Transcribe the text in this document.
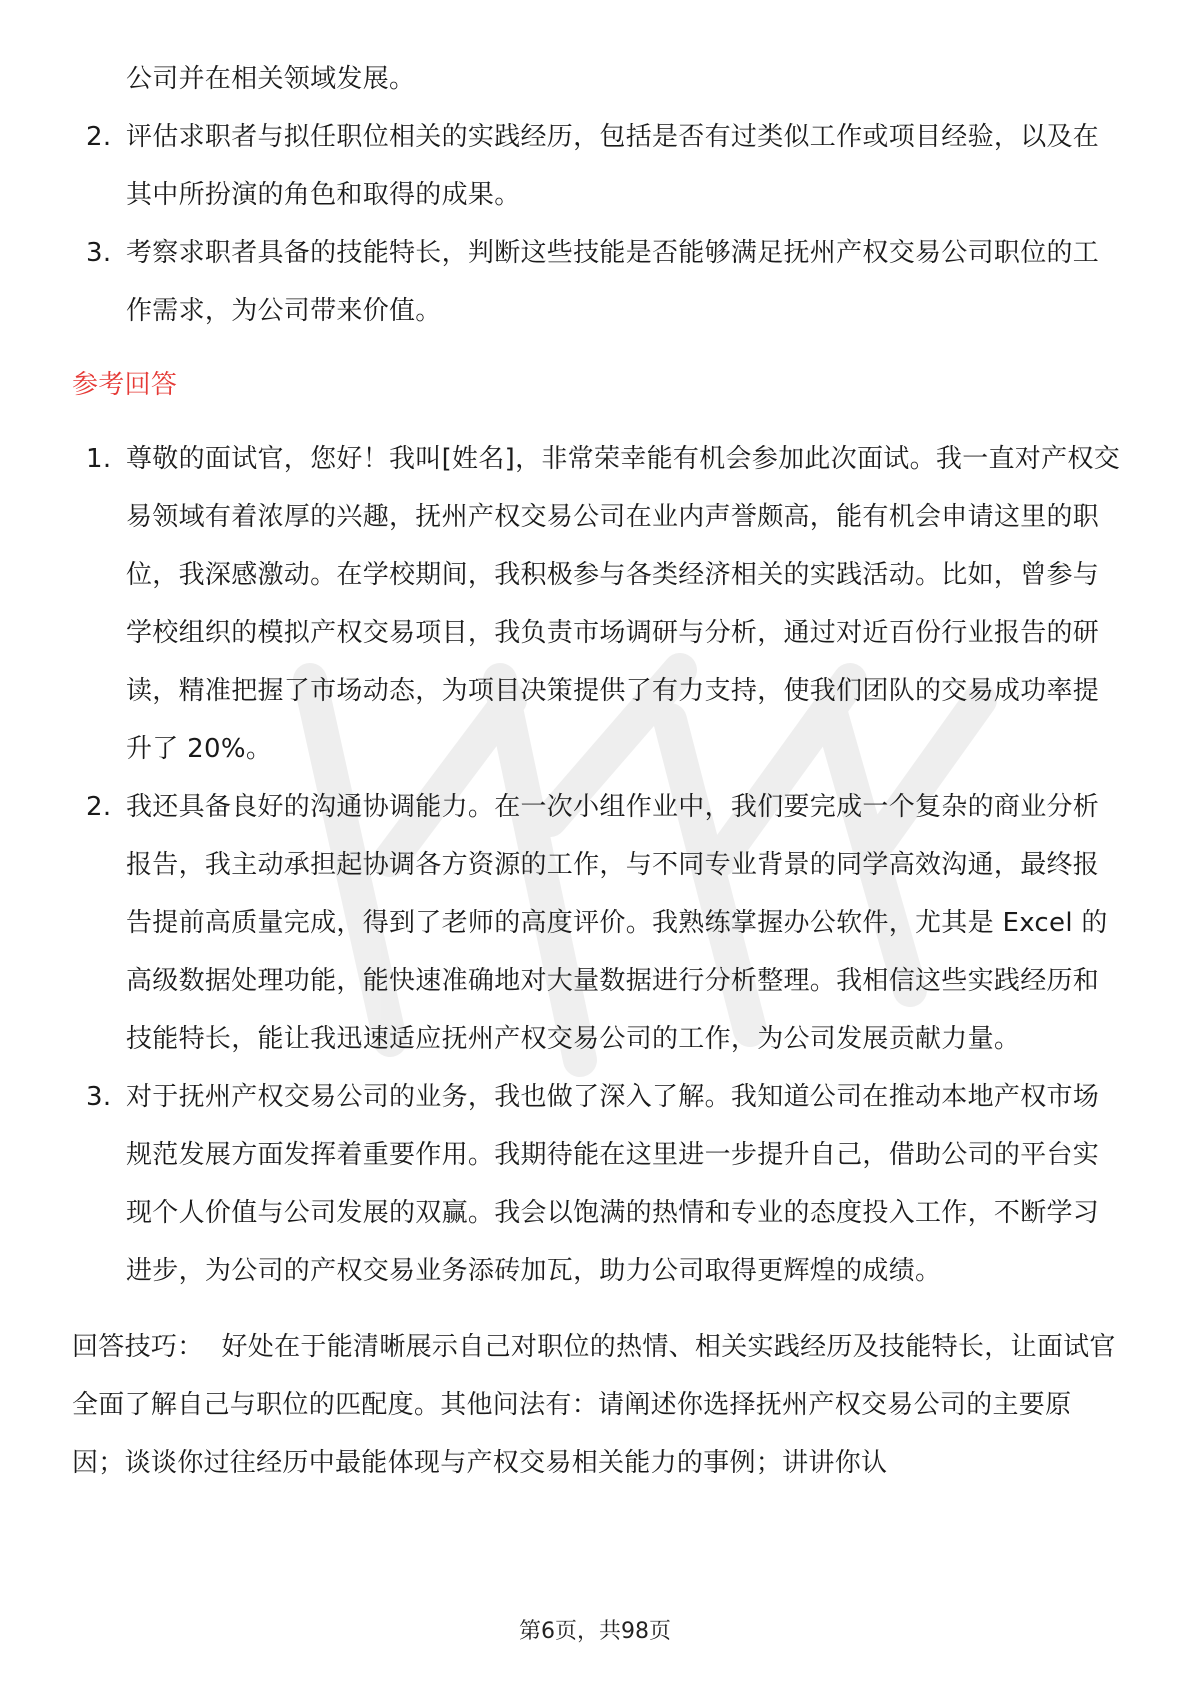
公司并在相关领域发展。
2. 评估求职者与拟任职位相关的实践经历，包括是否有过类似工作或项目经验，以及在其中所扮演的角色和取得的成果。
3. 考察求职者具备的技能特长，判断这些技能是否能够满足抚州产权交易公司职位的工作需求，为公司带来价值。
参考回答
1. 尊敬的面试官，您好！我叫[姓名]，非常荣幸能有机会参加此次面试。我一直对产权交易领域有着浓厚的兴趣，抚州产权交易公司在业内声誉颇高，能有机会申请这里的职位，我深感激动。在学校期间，我积极参与各类经济相关的实践活动。比如，曾参与学校组织的模拟产权交易项目，我负责市场调研与分析，通过对近百份行业报告的研读，精准把握了市场动态，为项目决策提供了有力支持，使我们团队的交易成功率提升了 20%。
2. 我还具备良好的沟通协调能力。在一次小组作业中，我们要完成一个复杂的商业分析报告，我主动承担起协调各方资源的工作，与不同专业背景的同学高效沟通，最终报告提前高质量完成，得到了老师的高度评价。我熟练掌握办公软件，尤其是 Excel 的高级数据处理功能，能快速准确地对大量数据进行分析整理。我相信这些实践经历和技能特长，能让我迅速适应抚州产权交易公司的工作，为公司发展贡献力量。
3. 对于抚州产权交易公司的业务，我也做了深入了解。我知道公司在推动本地产权市场规范发展方面发挥着重要作用。我期待能在这里进一步提升自己，借助公司的平台实现个人价值与公司发展的双赢。我会以饱满的热情和专业的态度投入工作，不断学习进步，为公司的产权交易业务添砖加瓦，助力公司取得更辉煌的成绩。
回答技巧： 好处在于能清晰展示自己对职位的热情、相关实践经历及技能特长，让面试官全面了解自己与职位的匹配度。其他问法有：请阐述你选择抚州产权交易公司的主要原因；谈谈你过往经历中最能体现与产权交易相关能力的事例；讲讲你认
第6页，共98页
